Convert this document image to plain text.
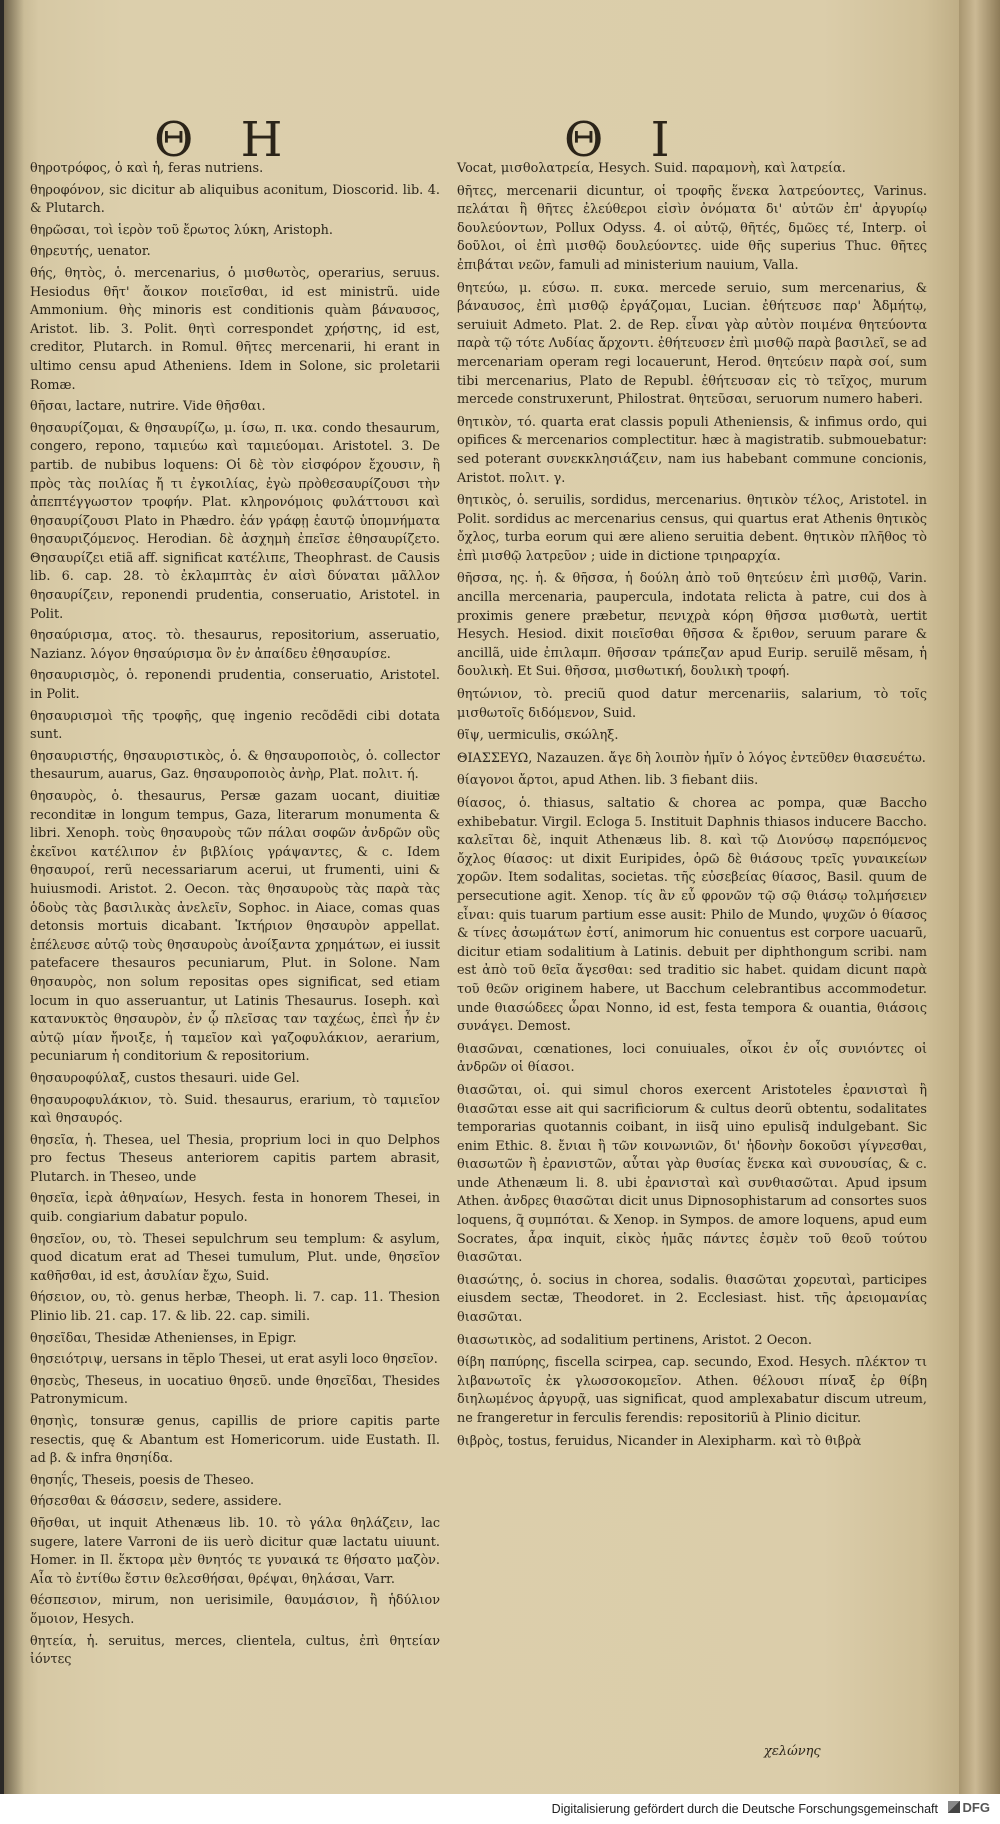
Θ Η	Θ Ι

θηροτρόφος, ὁ καὶ ἡ, feras nutriens.

θηροφόνον, sic dicitur ab aliquibus aconitum, Dioscorid. lib. 4. & Plutarch.

θηρῶσαι, τοὶ ἱερὸν τοῦ ἔρωτος λύκη, Aristoph.

θηρευτής, uenator.

θής, θητὸς, ὁ. mercenarius, ὁ μισθωτὸς, operarius, seruus. Hesiodus θῆτ' ἄοικον ποιεῖσθαι, id est ministrũ. uide Ammonium. θὴς minoris est conditionis quàm βάναυσος, Aristot. lib. 3. Polit. θητὶ correspondet χρήστης, id est, creditor, Plutarch. in Romul. θῆτες mercenarii, hi erant in ultimo censu apud Atheniens. Idem in Solone, sic proletarii Romæ.

θῆσαι, lactare, nutrire. Vide θῆσθαι.

θησαυρίζομαι, & θησαυρίζω, μ. ίσω, π. ικα. condo thesaurum, congero, repono, ταμιεύω καὶ ταμιεύομαι. Aristotel. 3. De partib. de nubibus loquens: Οἱ δὲ τὸν εἰσφόρον ἔχουσιν, ἢ πρὸς τὰς ποιλίας ἤ τι ἐγκοιλίας, ἐγὼ πρὸθεσαυρίζουσι τὴν ἀπεπτέγγωστον τροφήν. Plat. κληρονόμοις φυλάττουσι καὶ θησαυρίζουσι Plato in Phædro. ἐάν γράφῃ ἑαυτῷ ὑπομνήματα θησαυριζόμενος. Herodian. δὲ ἀσχημὴ ἐπεῖσε ἐθησαυρίζετο. Θησαυρίζει etiã aff. significat κατέλιπε, Theophrast. de Causis lib. 6. cap. 28. τὸ ἐκλαμπτὰς ἐν αἰσὶ δύναται μᾶλλον θησαυρίζειν, reponendi prudentia, conseruatio, Aristotel. in Polit.

θησαύρισμα, ατος. τὸ. thesaurus, repositorium, asseruatio, Nazianz. λόγον θησαύρισμα ὃν ἐν ἀπαίδευ ἐθησαυρίσε.

θησαυρισμὸς, ὁ. reponendi prudentia, conseruatio, Aristotel. in Polit.

θησαυρισμοὶ τῆς τροφῆς, quę ingenio recõdẽdi cibi dotata sunt.

θησαυριστής, θησαυριστικὸς, ὁ. & θησαυροποιὸς, ὁ. collector thesaurum, auarus, Gaz. θησαυροποιὸς ἀνὴρ, Plat. πολιτ. ή.

θησαυρὸς, ὁ. thesaurus, Persæ gazam uocant, diuitiæ reconditæ in longum tempus, Gaza, literarum monumenta & libri. Xenoph. τοὺς θησαυροὺς τῶν πάλαι σοφῶν ἀνδρῶν οὓς ἐκεῖνοι κατέλιπον ἐν βιβλίοις γράψαντες, & c. Idem θησαυροί, rerũ necessariarum acerui, ut frumenti, uini & huiusmodi. Aristot. 2. Oecon. τὰς θησαυροὺς τὰς παρὰ τὰς ὁδοὺς τὰς βασιλικὰς ἀνελεῖν, Sophoc. in Aiace, comas quas detonsis mortuis dicabant. Ἰκτήριον θησαυρὸν appellat. ἐπέλευσε αὐτῷ τοὺς θησαυροὺς ἀνοίξαντα χρημάτων, ei iussit patefacere thesauros pecuniarum, Plut. in Solone. Nam θησαυρὸς, non solum repositas opes significat, sed etiam locum in quo asseruantur, ut Latinis Thesaurus. Ioseph. καὶ κατανυκτὸς θησαυρὸν, ἐν ᾧ πλεῖσας ταν ταχέως, ἐπεὶ ἦν ἐν αὐτῷ μίαν ἤνοιξε, ἡ ταμεῖον καὶ γαζοφυλάκιον, aerarium, pecuniarum ἡ conditorium & repositorium.

θησαυροφύλαξ, custos thesauri. uide Gel.

θησαυροφυλάκιον, τὸ. Suid. thesaurus, erarium, τὸ ταμιεῖον καὶ θησαυρός.

θησεῖα, ἡ. Thesea, uel Thesia, proprium loci in quo Delphos pro fectus Theseus anteriorem capitis partem abrasit, Plutarch. in Theseo, unde

θησεῖα, ἱερὰ ἀθηναίων, Hesych. festa in honorem Thesei, in quib. congiarium dabatur populo.

θησεῖον, ου, τὸ. Thesei sepulchrum seu templum: & asylum, quod dicatum erat ad Thesei tumulum, Plut. unde, θησεῖον καθῆσθαι, id est, ἀσυλίαν ἔχω, Suid.

θήσειον, ου, τὸ. genus herbæ, Theoph. li. 7. cap. 11. Thesion Plinio lib. 21. cap. 17. & lib. 22. cap. simili.

θησεῖδαι, Thesidæ Athenienses, in Epigr.

θησειότριψ, uersans in tẽplo Thesei, ut erat asyli loco θησεῖον.

θησεὺς, Theseus, in uocatiuo θησεῦ. unde θησεῖδαι, Thesides Patronymicum.

θησηὶς, tonsuræ genus, capillis de priore capitis parte resectis, quę & Abantum est Homericorum. uide Eustath. Il. ad β. & infra θησηίδα.

θησηΐς, Theseis, poesis de Theseo.

θήσεσθαι & θάσσειν, sedere, assidere.

θῆσθαι, ut inquit Athenæus lib. 10. τὸ γάλα θηλάζειν, lac sugere, latere Varroni de iis uerò dicitur quæ lactatu uiuunt. Homer. in Il. ἕκτορα μὲν θνητός τε γυναικά τε θήσατο μαζὸν. Αἶα τὸ ἐντίθω ἔστιν θελεσθήσαι, θρέψαι, θηλάσαι, Varr.

θέσπεσιον, mirum, non uerisimile, θαυμάσιον, ἢ ἡδύλιον ὅμοιον, Hesych.

θητεία, ἡ. seruitus, merces, clientela, cultus, ἐπὶ θητείαν ἰόντες

Vocat, μισθολατρεία, Hesych. Suid. παραμονὴ, καὶ λατρεία.

θῆτες, mercenarii dicuntur, οἱ τροφῆς ἕνεκα λατρεύοντες, Varinus. πελάται ἢ θῆτες ἐλεύθεροι εἰσὶν ὀνόματα δι' αὐτῶν ἐπ' ἀργυρίῳ δουλεύοντων, Pollux Odyss. 4. οἱ αὐτῷ, θῆτές, δμῶες τέ, Interp. οἱ δοῦλοι, οἱ ἐπὶ μισθῷ δουλεύοντες. uide θῆς superius Thuc. θῆτες ἐπιβάται νεῶν, famuli ad ministerium nauium, Valla.

θητεύω, μ. εύσω. π. ευκα. mercede seruio, sum mercenarius, & βάναυσος, ἐπὶ μισθῷ ἐργάζομαι, Lucian. ἐθήτευσε παρ' Ἀδμήτῳ, seruiuit Admeto. Plat. 2. de Rep. εἶναι γὰρ αὐτὸν ποιμένα θητεύοντα παρὰ τῷ τότε Λυδίας ἄρχοντι. ἐθήτευσεν ἐπὶ μισθῷ παρὰ βασιλεῖ, se ad mercenariam operam regi locauerunt, Herod. θητεύειν παρὰ σοί, sum tibi mercenarius, Plato de Republ. ἐθήτευσαν εἰς τὸ τεῖχος, murum mercede construxerunt, Philostrat. θητεῦσαι, seruorum numero haberi.

θητικὸν, τό. quarta erat classis populi Atheniensis, & infimus ordo, qui opifices & mercenarios complectitur. hæc à magistratib. submouebatur: sed poterant συνεκκλησιάζειν, nam ius habebant commune concionis, Aristot. πολιτ. γ.

θητικὸς, ὁ. seruilis, sordidus, mercenarius. θητικὸν τέλος, Aristotel. in Polit. sordidus ac mercenarius census, qui quartus erat Athenis θητικὸς ὄχλος, turba eorum qui ære alieno seruitia debent. θητικὸν πλῆθος τὸ ἐπὶ μισθῷ λατρεῦον ; uide in dictione τριηραρχία.

θῆσσα, ης. ἡ. & θῆσσα, ἡ δούλη ἀπὸ τοῦ θητεύειν ἐπὶ μισθῷ, Varin. ancilla mercenaria, paupercula, indotata relicta à patre, cui dos à proximis genere præbetur, πενιχρὰ κόρη θῆσσα μισθωτὰ, uertit Hesych. Hesiod. dixit ποιεῖσθαι θῆσσα & ἔριθον, seruum parare & ancillã, uide ἐπιλαμπ. θῆσσαν τράπεζαν apud Eurip. seruilẽ mẽsam, ἡ δουλικὴ. Et Sui. θῆσσα, μισθωτική, δουλικὴ τροφή.

θητώνιον, τὸ. preciũ quod datur mercenariis, salarium, τὸ τοῖς μισθωτοῖς διδόμενον, Suid.

θῖψ, uermiculis, σκώληξ.

ΘΙΑΣΣΕΥΩ, Nazauzen. ἄγε δὴ λοιπὸν ἡμῖν ὁ λόγος ἐντεῦθεν θιασευέτω.

θίαγονοι ἄρτοι, apud Athen. lib. 3 fiebant diis.

θίασος, ὁ. thiasus, saltatio & chorea ac pompa, quæ Baccho exhibebatur. Virgil. Ecloga 5. Instituit Daphnis thiasos inducere Baccho. καλεῖται δὲ, inquit Athenæus lib. 8. καὶ τῷ Διονύσῳ παρεπόμενος ὄχλος θίασος: ut dixit Euripides, ὁρῶ δὲ θιάσους τρεῖς γυναικείων χορῶν. Item sodalitas, societas. τῆς εὐσεβείας θίασος, Basil. quum de persecutione agit. Xenop. τίς ἂν εὖ φρονῶν τῷ σῷ θιάσῳ τολμήσειεν εἶναι: quis tuarum partium esse ausit: Philo de Mundo, ψυχῶν ὁ θίασος & τίνες ἀσωμάτων ἐστί, animorum hic conuentus est corpore uacuarũ, dicitur etiam sodalitium à Latinis. debuit per diphthongum scribi. nam est ἀπὸ τοῦ θεῖα ἄγεσθαι: sed traditio sic habet. quidam dicunt παρὰ τοῦ θεῶν originem habere, ut Bacchum celebrantibus accommodetur. unde θιασώδεες ὧραι Nonno, id est, festa tempora & ouantia, θιάσοις συνάγει. Demost.

θιασῶναι, cœnationes, loci conuiuales, οἶκοι ἐν οἷς συνιόντες οἱ ἀνδρῶν οἱ θίασοι.

θιασῶται, οἱ. qui simul choros exercent Aristoteles ἐρανισταὶ ἢ θιασῶται esse ait qui sacrificiorum & cultus deorũ obtentu, sodalitates temporarias quotannis coibant, in iisq̃ uino epulisq̃ indulgebant. Sic enim Ethic. 8. ἔνιαι ἢ τῶν κοινωνιῶν, δι' ἡδονὴν δοκοῦσι γίγνεσθαι, θιασωτῶν ἢ ἐρανιστῶν, αὗται γὰρ θυσίας ἕνεκα καὶ συνουσίας, & c. unde Athenæum li. 8. ubi ἐρανισταὶ καὶ συνθιασῶται. Apud ipsum Athen. ἀνδρες θιασῶται dicit unus Dipnosophistarum ad consortes suos loquens, q̃ συμπόται. & Xenop. in Sympos. de amore loquens, apud eum Socrates, ἆρα inquit, εἰκὸς ἡμᾶς πάντες ἐσμὲν τοῦ θεοῦ τούτου θιασῶται.

θιασώτης, ὁ. socius in chorea, sodalis. θιασῶται χορευταὶ, participes eiusdem sectæ, Theodoret. in 2. Ecclesiast. hist. τῆς ἀρειομανίας θιασῶται.

θιασωτικὸς, ad sodalitium pertinens, Aristot. 2 Oecon.

θίβη παπύρης, fiscella scirpea, cap. secundo, Exod. Hesych. πλέκτον τι λιβανωτοῖς ἐκ γλωσσοκομεῖον. Athen. θέλουσι πίναξ ἐρ θίβη διηλωμένος ἀργυρᾷ, uas significat, quod amplexabatur discum utreum, ne frangeretur in ferculis ferendis: repositoriũ à Plinio dicitur.

θιβρὸς, tostus, feruidus, Nicander in Alexipharm. καὶ τὸ θιβρὰ

χελώνης
Digitalisierung gefördert durch die Deutsche Forschungsgemeinschaft	DFG
